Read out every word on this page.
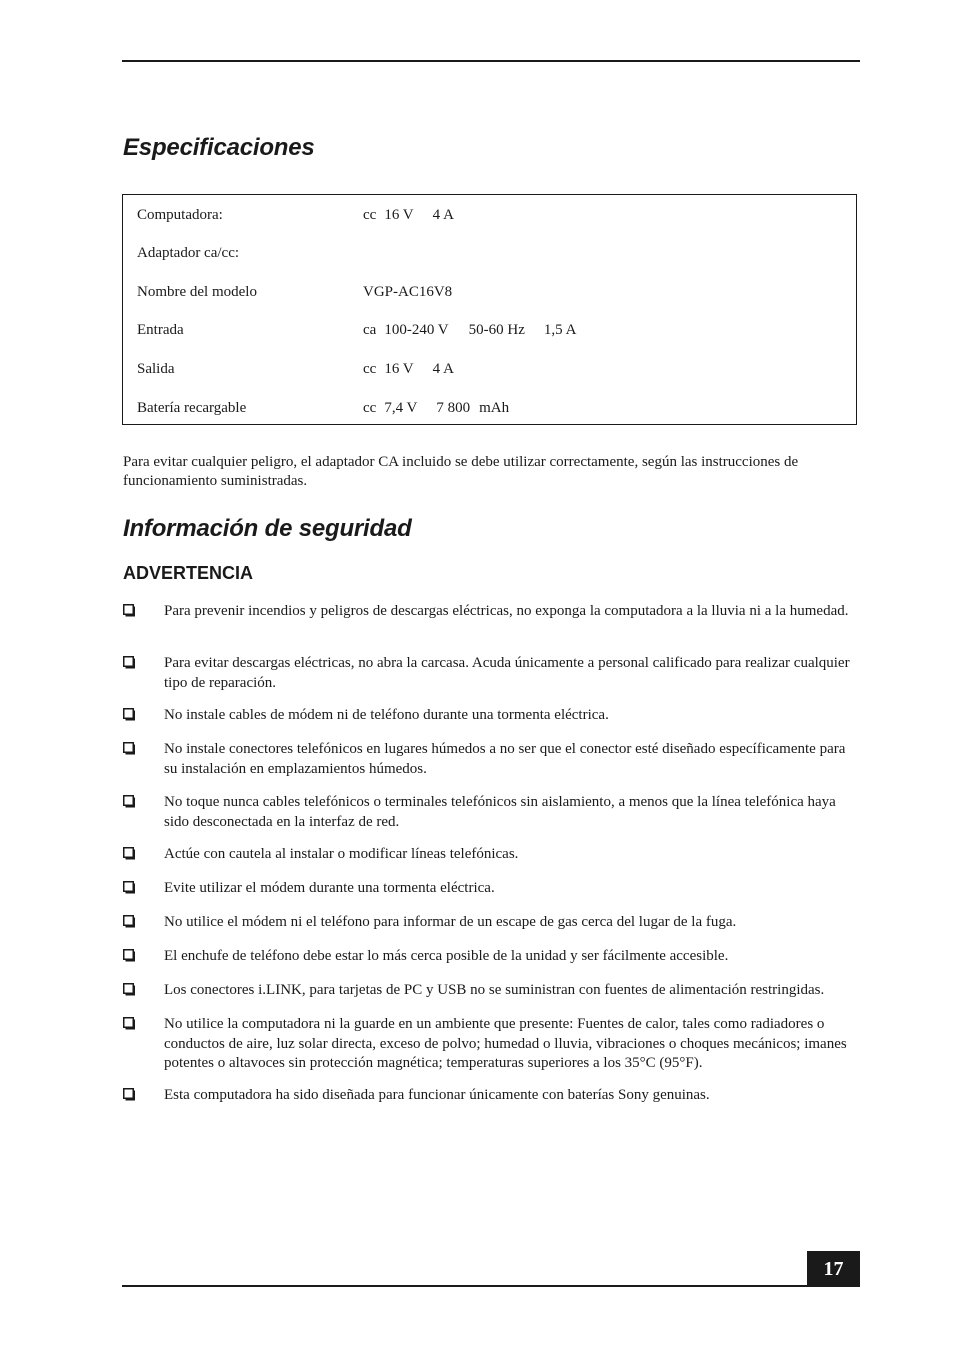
Especificaciones
Computadora:	cc 16 V 4 A
Adaptador ca/cc:
Nombre del modelo	VGP-AC16V8
Entrada	ca 100-240 V 50-60 Hz 1,5 A
Salida	cc 16 V 4 A
Batería recargable	cc 7,4 V 7 800 mAh

Para evitar cualquier peligro, el adaptador CA incluido se debe utilizar correctamente, según las instrucciones de funcionamiento suministradas.

Información de seguridad
ADVERTENCIA
Para prevenir incendios y peligros de descargas eléctricas, no exponga la computadora a la lluvia ni a la humedad.
Para evitar descargas eléctricas, no abra la carcasa. Acuda únicamente a personal calificado para realizar cualquier tipo de reparación.
No instale cables de módem ni de teléfono durante una tormenta eléctrica.
No instale conectores telefónicos en lugares húmedos a no ser que el conector esté diseñado específicamente para su instalación en emplazamientos húmedos.
No toque nunca cables telefónicos o terminales telefónicos sin aislamiento, a menos que la línea telefónica haya sido desconectada en la interfaz de red.
Actúe con cautela al instalar o modificar líneas telefónicas.
Evite utilizar el módem durante una tormenta eléctrica.
No utilice el módem ni el teléfono para informar de un escape de gas cerca del lugar de la fuga.
El enchufe de teléfono debe estar lo más cerca posible de la unidad y ser fácilmente accesible.
Los conectores i.LINK, para tarjetas de PC y USB no se suministran con fuentes de alimentación restringidas.
No utilice la computadora ni la guarde en un ambiente que presente: Fuentes de calor, tales como radiadores o conductos de aire, luz solar directa, exceso de polvo; humedad o lluvia, vibraciones o choques mecánicos; imanes potentes o altavoces sin protección magnética; temperaturas superiores a los 35°C (95°F).
Esta computadora ha sido diseñada para funcionar únicamente con baterías Sony genuinas.
17
